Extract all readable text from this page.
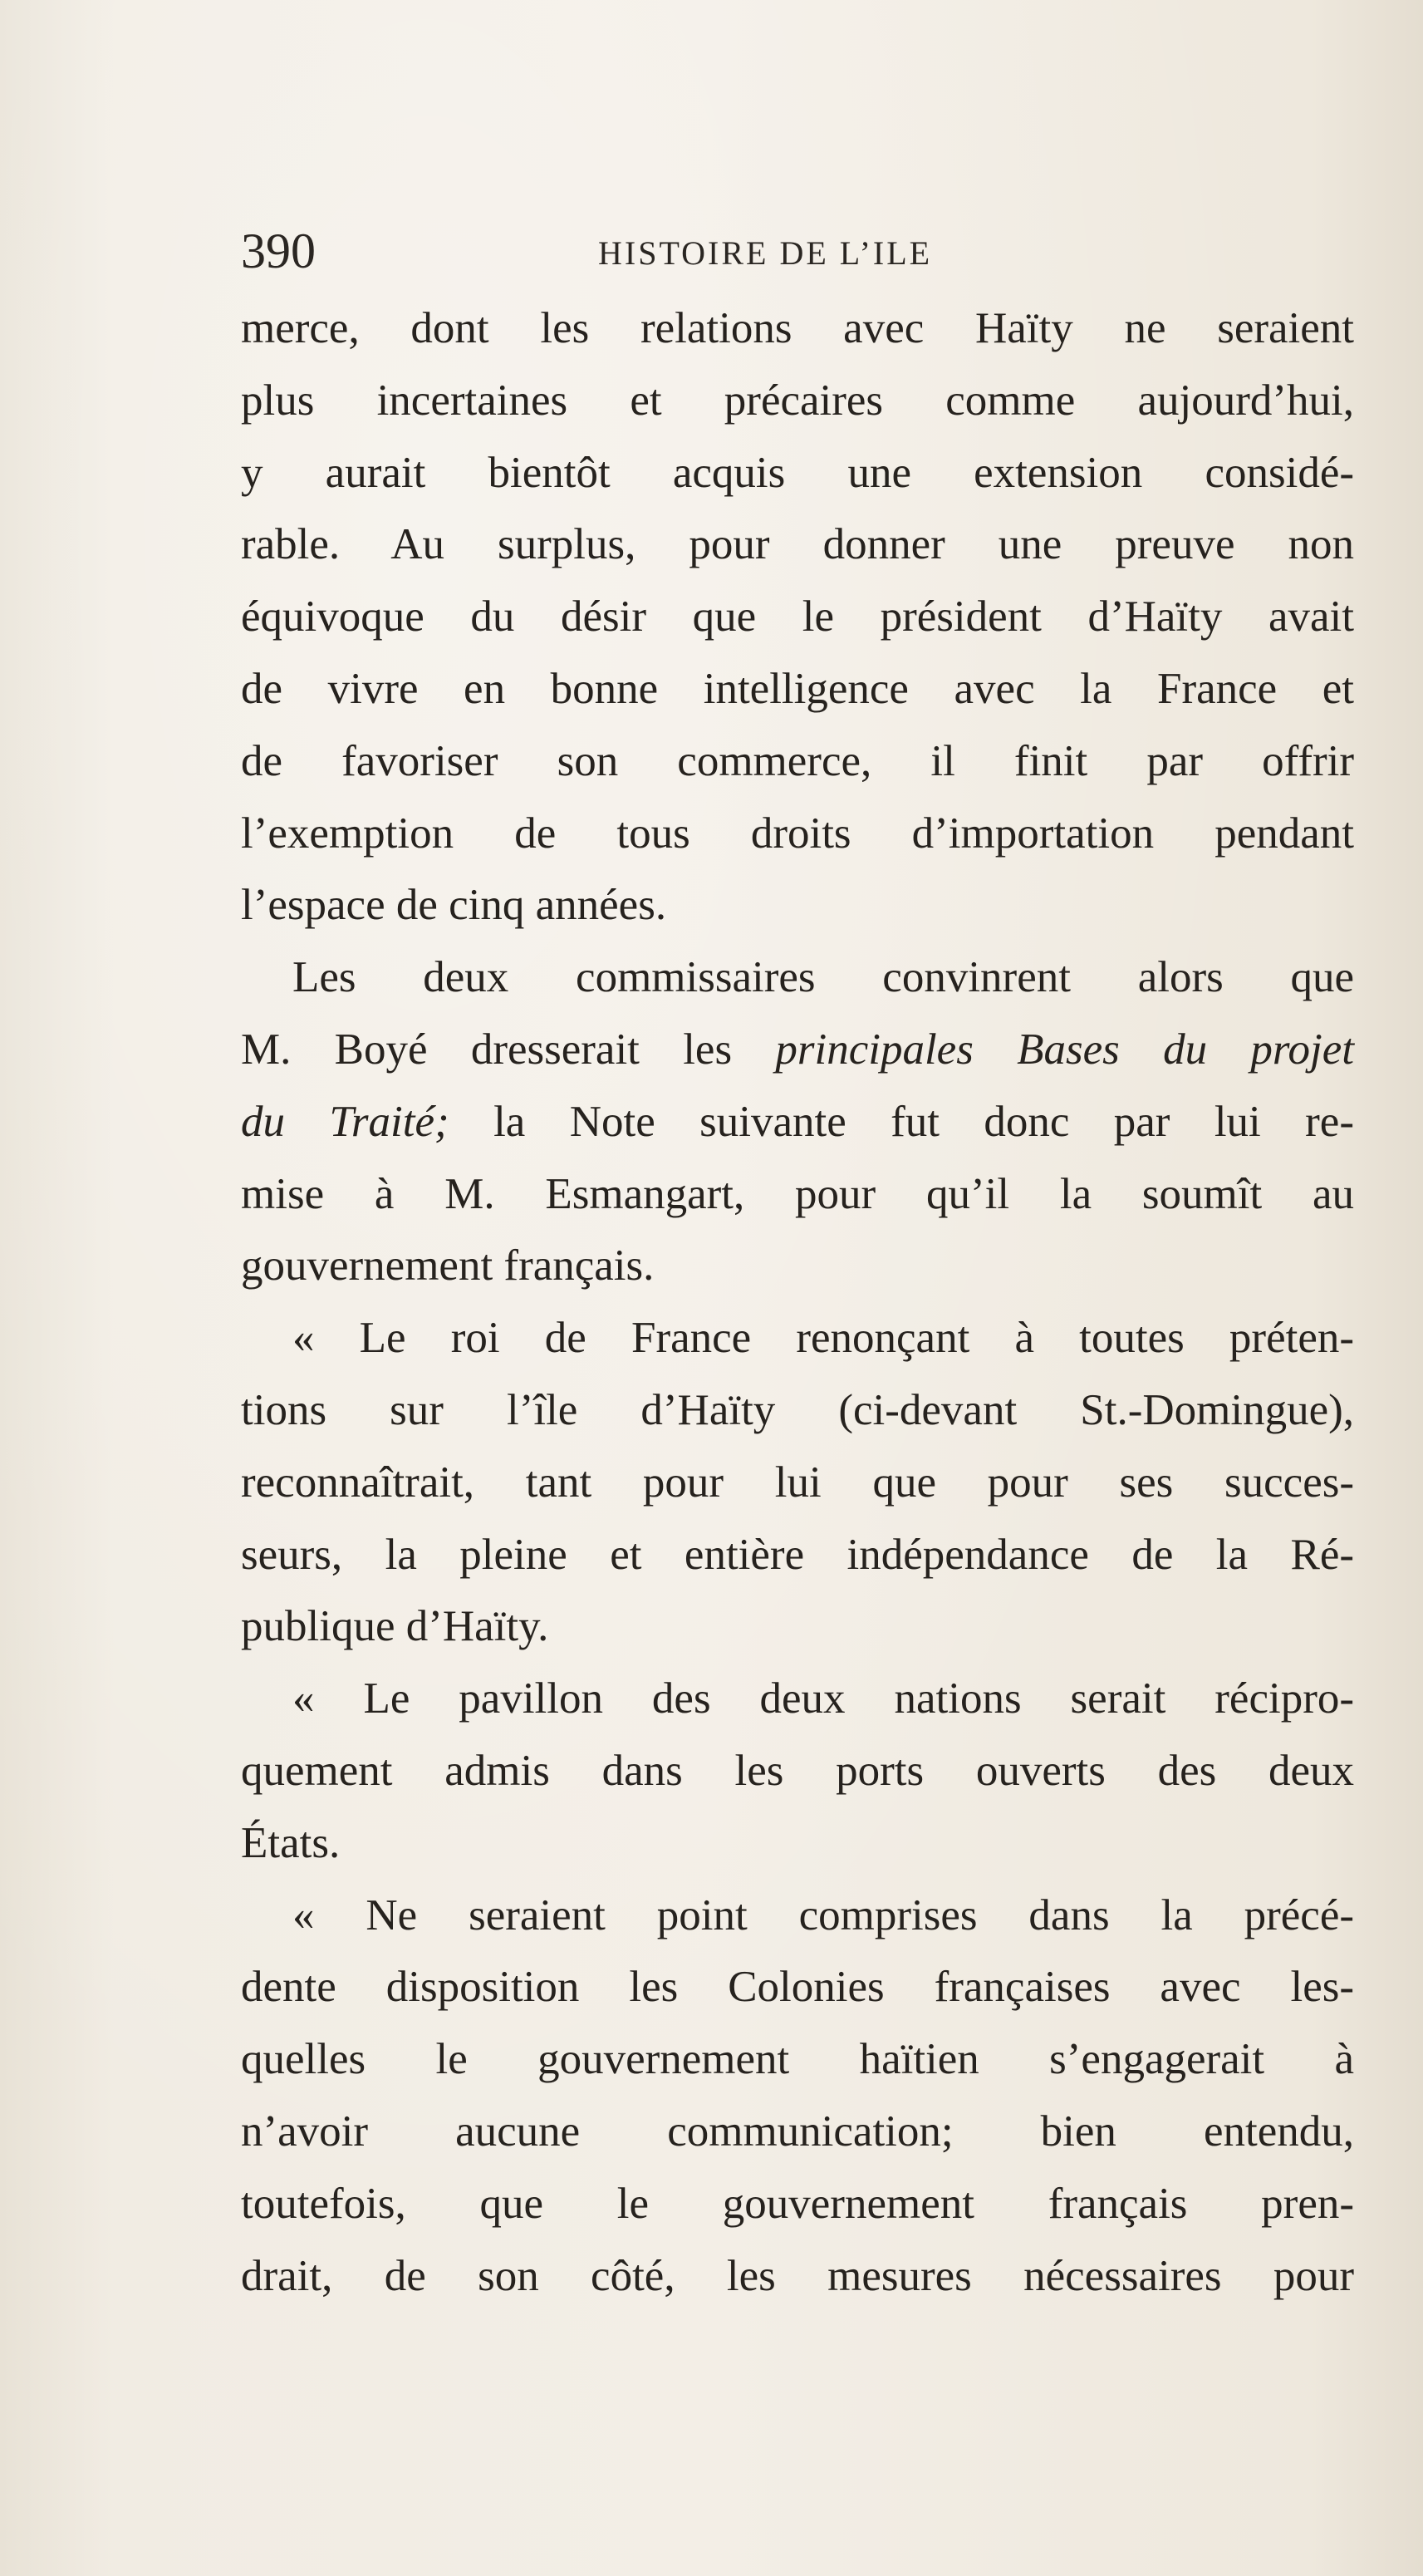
390	HISTOIRE DE L’ILE
merce, dont les relations avec Haïty ne seraient
plus incertaines et précaires comme aujourd’hui,
y aurait bientôt acquis une extension considé-
rable. Au surplus, pour donner une preuve non
équivoque du désir que le président d’Haïty avait
de vivre en bonne intelligence avec la France et
de favoriser son commerce, il finit par offrir
l’exemption de tous droits d’importation pendant
l’espace de cinq années.
Les deux commissaires convinrent alors que
M. Boyé dresserait les principales Bases du projet
du Traité; la Note suivante fut donc par lui re-
mise à M. Esmangart, pour qu’il la soumît au
gouvernement français.
« Le roi de France renonçant à toutes préten-
tions sur l’île d’Haïty (ci-devant St.-Domingue),
reconnaîtrait, tant pour lui que pour ses succes-
seurs, la pleine et entière indépendance de la Ré-
publique d’Haïty.
« Le pavillon des deux nations serait récipro-
quement admis dans les ports ouverts des deux
États.
« Ne seraient point comprises dans la précé-
dente disposition les Colonies françaises avec les-
quelles le gouvernement haïtien s’engagerait à
n’avoir aucune communication; bien entendu,
toutefois, que le gouvernement français pren-
drait, de son côté, les mesures nécessaires pour
